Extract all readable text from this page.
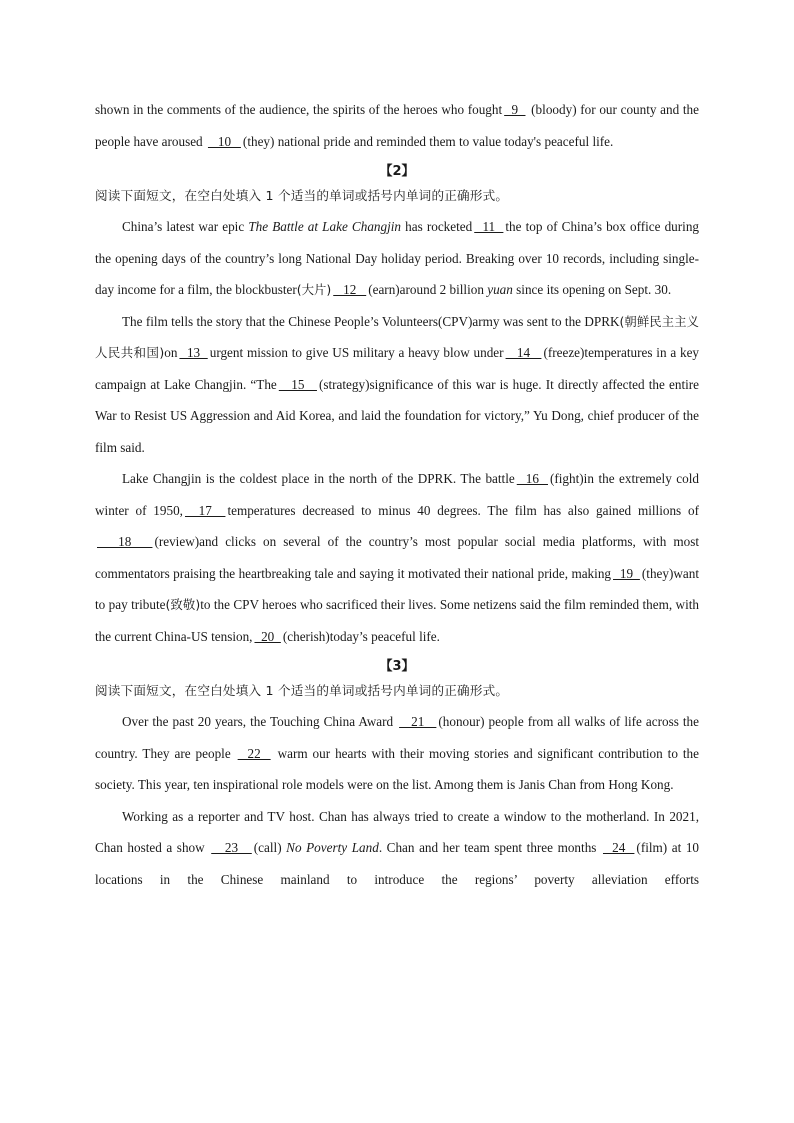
shown in the comments of the audience, the spirits of the heroes who fought  9   (bloody) for our county and the people have aroused    10   (they) national pride and reminded them to value today's peaceful life.

【2】

阅读下面短文，在空白处填入 1 个适当的单词或括号内单词的正确形式。

China’s latest war epic The Battle at Lake Changjin has rocketed  11  the top of China’s box office during the opening days of the country’s long National Day holiday period. Breaking over 10 records, including single-day income for a film, the blockbuster(大片)   12   (earn)around 2 billion yuan since its opening on Sept. 30.

The film tells the story that the Chinese People’s Volunteers(CPV)army was sent to the DPRK(朝鲜民主主义人民共和国)on  13  urgent mission to give US military a heavy blow under   14   (freeze)temperatures in a key campaign at Lake Changjin. “The   15   (strategy)significance of this war is huge. It directly affected the entire War to Resist US Aggression and Aid Korea, and laid the foundation for victory,” Yu Dong, chief producer of the film said.

Lake Changjin is the coldest place in the north of the DPRK. The battle  16  (fight)in the extremely cold winter of 1950,  17  temperatures decreased to minus 40 degrees. The film has also gained millions of   18   (review)and clicks on several of the country’s most popular social media platforms, with most commentators praising the heartbreaking tale and saying it motivated their national pride, making  19  (they)want to pay tribute(致敬)to the CPV heroes who sacrificed their lives. Some netizens said the film reminded them, with the current China-US tension,  20  (cherish)today’s peaceful life.

【3】

阅读下面短文，在空白处填入 1 个适当的单词或括号内单词的正确形式。

Over the past 20 years, the Touching China Award    21   (honour) people from all walks of life across the country. They are people   22   warm our hearts with their moving stories and significant contribution to the society. This year, ten inspirational role models were on the list. Among them is Janis Chan from Hong Kong.

Working as a reporter and TV host. Chan has always tried to create a window to the motherland. In 2021, Chan hosted a show    23   (call) No Poverty Land. Chan and her team spent three months   24  (film) at 10 locations in the Chinese mainland to introduce the regions’ poverty alleviation efforts
